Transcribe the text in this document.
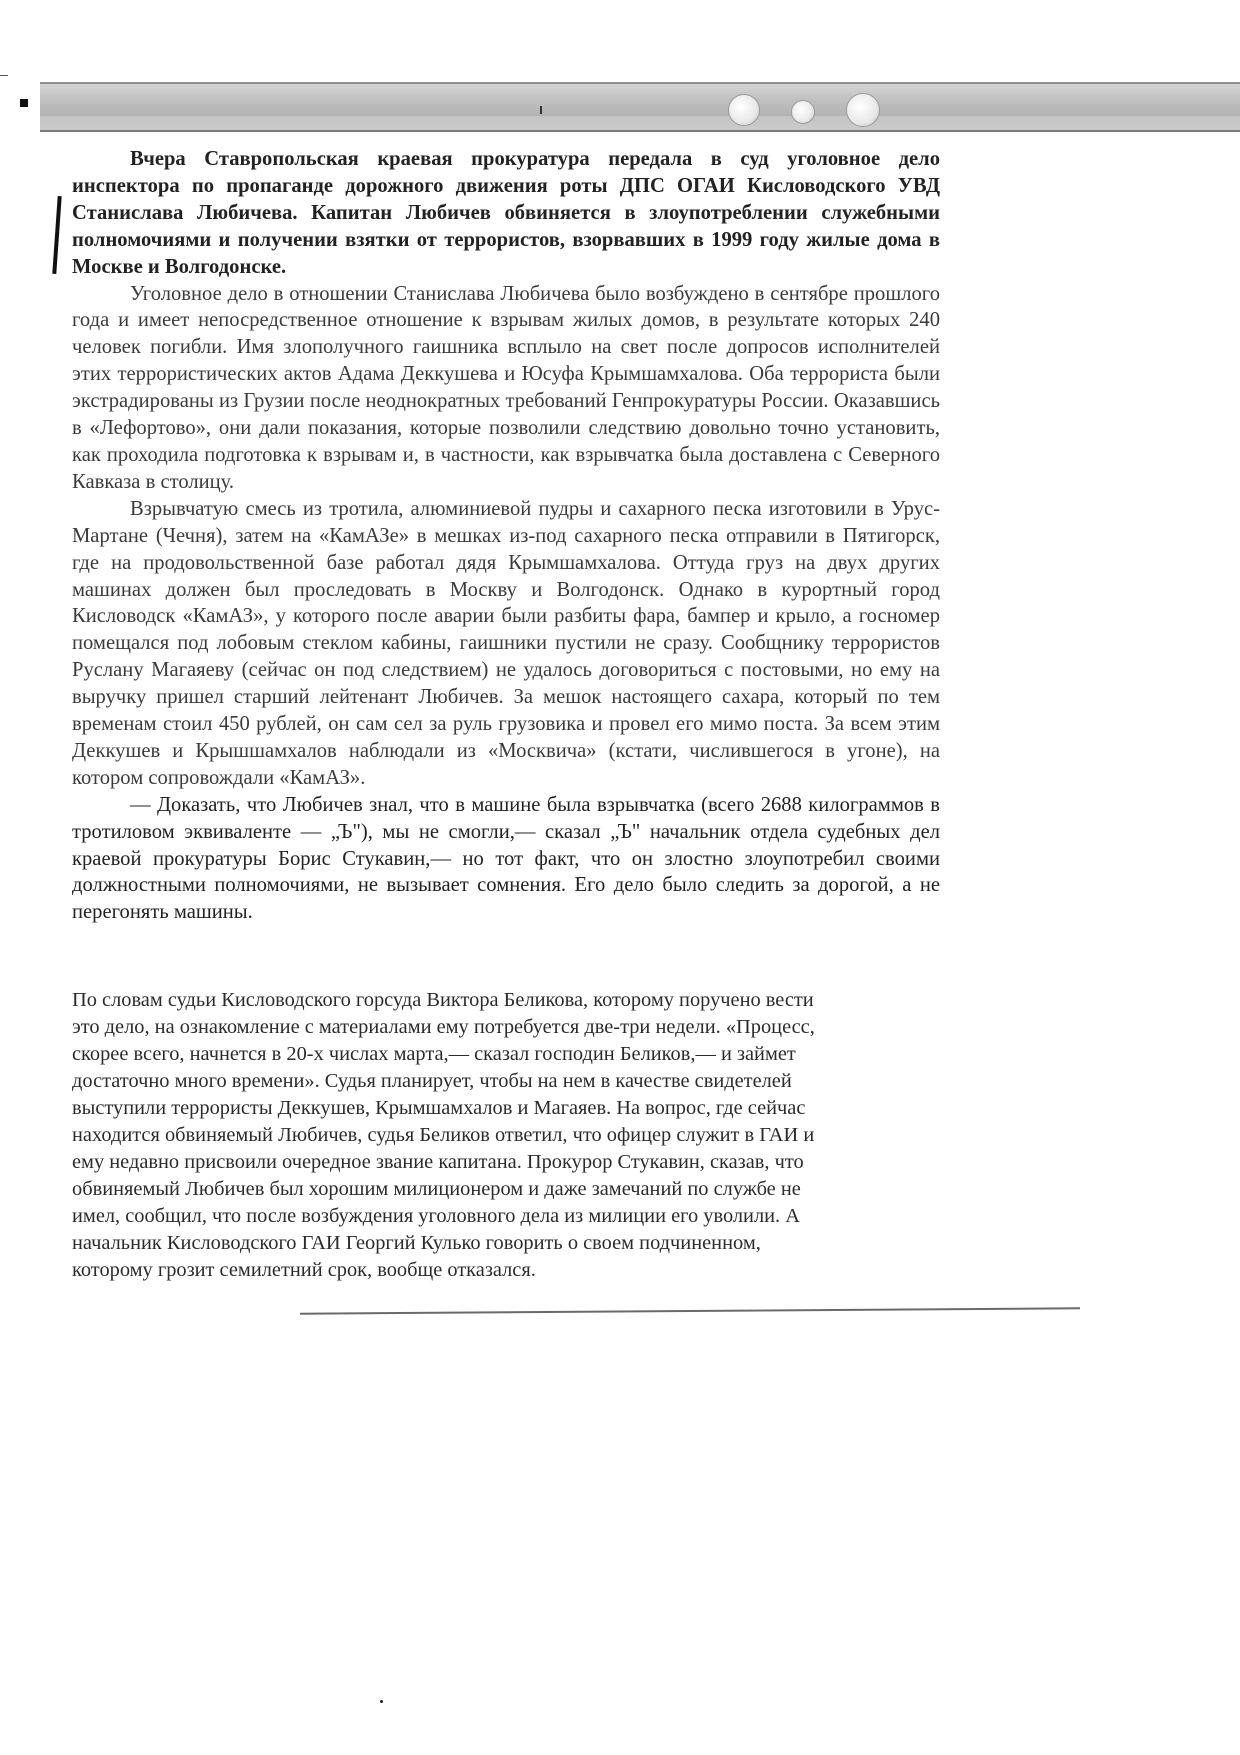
Вчера Ставропольская краевая прокуратура передала в суд уголовное дело инспектора по пропаганде дорожного движения роты ДПС ОГАИ Кисловодского УВД Станислава Любичева. Капитан Любичев обвиняется в злоупотреблении служебными полномочиями и получении взятки от террористов, взорвавших в 1999 году жилые дома в Москве и Волгодонске.

Уголовное дело в отношении Станислава Любичева было возбуждено в сентябре прошлого года и имеет непосредственное отношение к взрывам жилых домов, в результате которых 240 человек погибли. Имя злополучного гаишника всплыло на свет после допросов исполнителей этих террористических актов Адама Деккушева и Юсуфа Крымшамхалова. Оба террориста были экстрадированы из Грузии после неоднократных требований Генпрокуратуры России. Оказавшись в «Лефортово», они дали показания, которые позволили следствию довольно точно установить, как проходила подготовка к взрывам и, в частности, как взрывчатка была доставлена с Северного Кавказа в столицу.

Взрывчатую смесь из тротила, алюминиевой пудры и сахарного песка изготовили в Урус-Мартане (Чечня), затем на «КамАЗе» в мешках из-под сахарного песка отправили в Пятигорск, где на продовольственной базе работал дядя Крымшамхалова. Оттуда груз на двух других машинах должен был проследовать в Москву и Волгодонск. Однако в курортный город Кисловодск «КамАЗ», у которого после аварии были разбиты фара, бампер и крыло, а госномер помещался под лобовым стеклом кабины, гаишники пустили не сразу. Сообщнику террористов Руслану Магаяеву (сейчас он под следствием) не удалось договориться с постовыми, но ему на выручку пришел старший лейтенант Любичев. За мешок настоящего сахара, который по тем временам стоил 450 рублей, он сам сел за руль грузовика и провел его мимо поста. За всем этим Деккушев и Крышшамхалов наблюдали из «Москвича» (кстати, числившегося в угоне), на котором сопровождали «КамАЗ».

— Доказать, что Любичев знал, что в машине была взрывчатка (всего 2688 килограммов в тротиловом эквиваленте — „Ъ"), мы не смогли,— сказал „Ъ" начальник отдела судебных дел краевой прокуратуры Борис Стукавин,— но тот факт, что он злостно злоупотребил своими должностными полномочиями, не вызывает сомнения. Его дело было следить за дорогой, а не перегонять машины.

По словам судьи Кисловодского горсуда Виктора Беликова, которому поручено вести

это дело, на ознакомление с материалами ему потребуется две-три недели. «Процесс,

скорее всего, начнется в 20-х числах марта,— сказал господин Беликов,— и займет

достаточно много времени». Судья планирует, чтобы на нем в качестве свидетелей

выступили террористы Деккушев, Крымшамхалов и Магаяев. На вопрос, где сейчас

находится обвиняемый Любичев, судья Беликов ответил, что офицер служит в ГАИ и

ему недавно присвоили очередное звание капитана. Прокурор Стукавин, сказав, что

обвиняемый Любичев был хорошим милиционером и даже замечаний по службе не

имел, сообщил, что после возбуждения уголовного дела из милиции его уволили. А

начальник Кисловодского ГАИ Георгий Кулько говорить о своем подчиненном,

которому грозит семилетний срок, вообще отказался.
